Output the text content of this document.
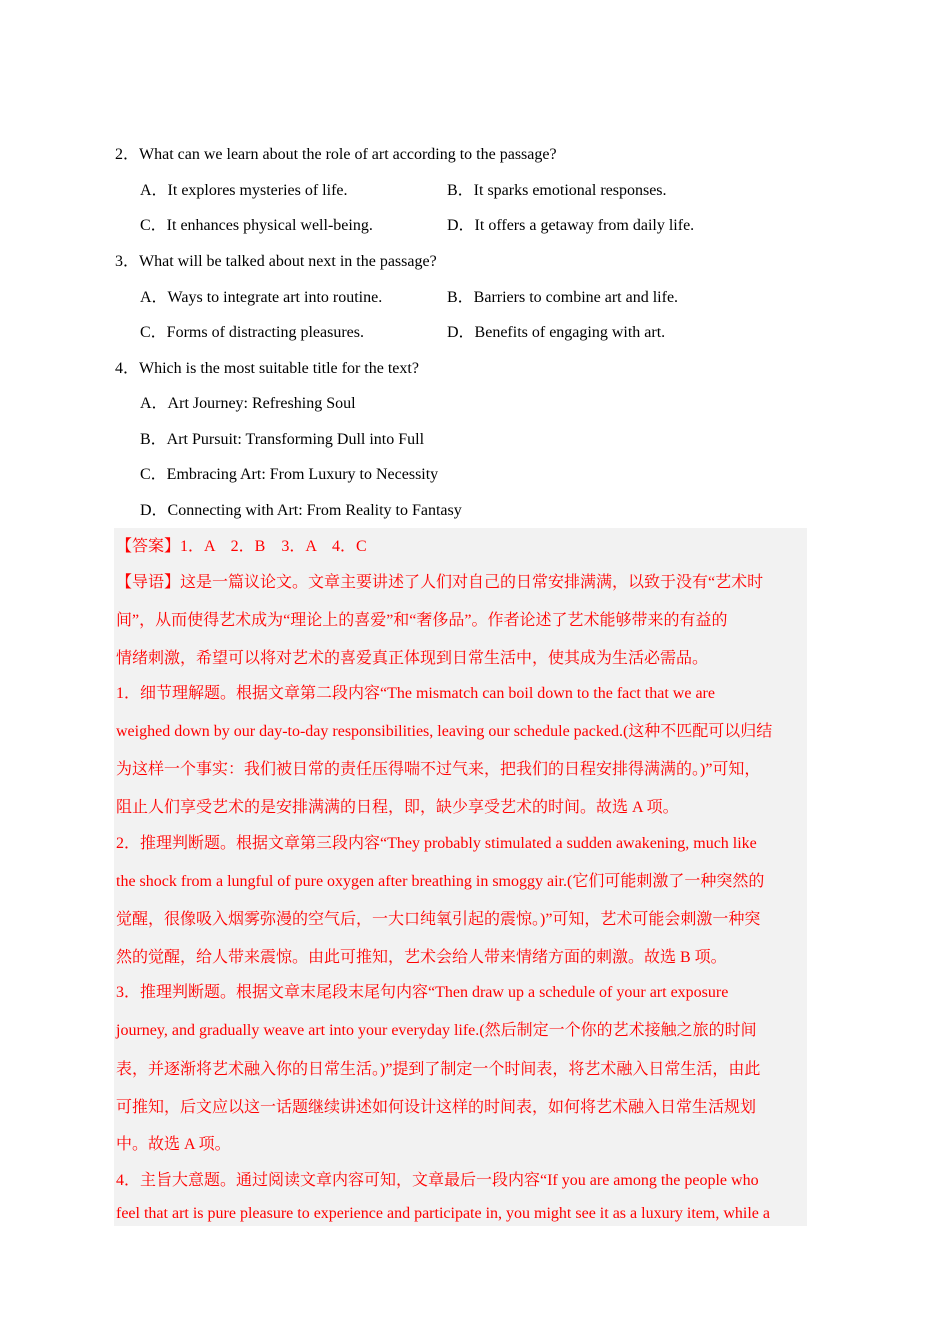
2．What can we learn about the role of art according to the passage?
A．It explores mysteries of life.	B．It sparks emotional responses.
C．It enhances physical well-being.	D．It offers a getaway from daily life.
3．What will be talked about next in the passage?
A．Ways to integrate art into routine.	B．Barriers to combine art and life.
C．Forms of distracting pleasures.	D．Benefits of engaging with art.
4．Which is the most suitable title for the text?
A．Art Journey: Refreshing Soul
B．Art Pursuit: Transforming Dull into Full
C．Embracing Art: From Luxury to Necessity
D．Connecting with Art: From Reality to Fantasy
【答案】1．A　2．B　3．A　4．C
【导语】这是一篇议论文。文章主要讲述了人们对自己的日常安排满满，以致于没有“艺术时
间”，从而使得艺术成为“理论上的喜爱”和“奢侈品”。作者论述了艺术能够带来的有益的
情绪刺激，希望可以将对艺术的喜爱真正体现到日常生活中，使其成为生活必需品。
1．细节理解题。根据文章第二段内容“The mismatch can boil down to the fact that we are
weighed down by our day-to-day responsibilities, leaving our schedule packed.(这种不匹配可以归结
为这样一个事实：我们被日常的责任压得喘不过气来，把我们的日程安排得满满的。)”可知，
阻止人们享受艺术的是安排满满的日程，即，缺少享受艺术的时间。故选 A 项。
2．推理判断题。根据文章第三段内容“They probably stimulated a sudden awakening, much like
the shock from a lungful of pure oxygen after breathing in smoggy air.(它们可能刺激了一种突然的
觉醒，很像吸入烟雾弥漫的空气后，一大口纯氧引起的震惊。)”可知，艺术可能会刺激一种突
然的觉醒，给人带来震惊。由此可推知，艺术会给人带来情绪方面的刺激。故选 B 项。
3．推理判断题。根据文章末尾段末尾句内容“Then draw up a schedule of your art exposure
journey, and gradually weave art into your everyday life.(然后制定一个你的艺术接触之旅的时间
表，并逐渐将艺术融入你的日常生活。)”提到了制定一个时间表，将艺术融入日常生活，由此
可推知，后文应以这一话题继续讲述如何设计这样的时间表，如何将艺术融入日常生活规划
中。故选 A 项。
4．主旨大意题。通过阅读文章内容可知，文章最后一段内容“If you are among the people who
feel that art is pure pleasure to experience and participate in, you might see it as a luxury item, while a
